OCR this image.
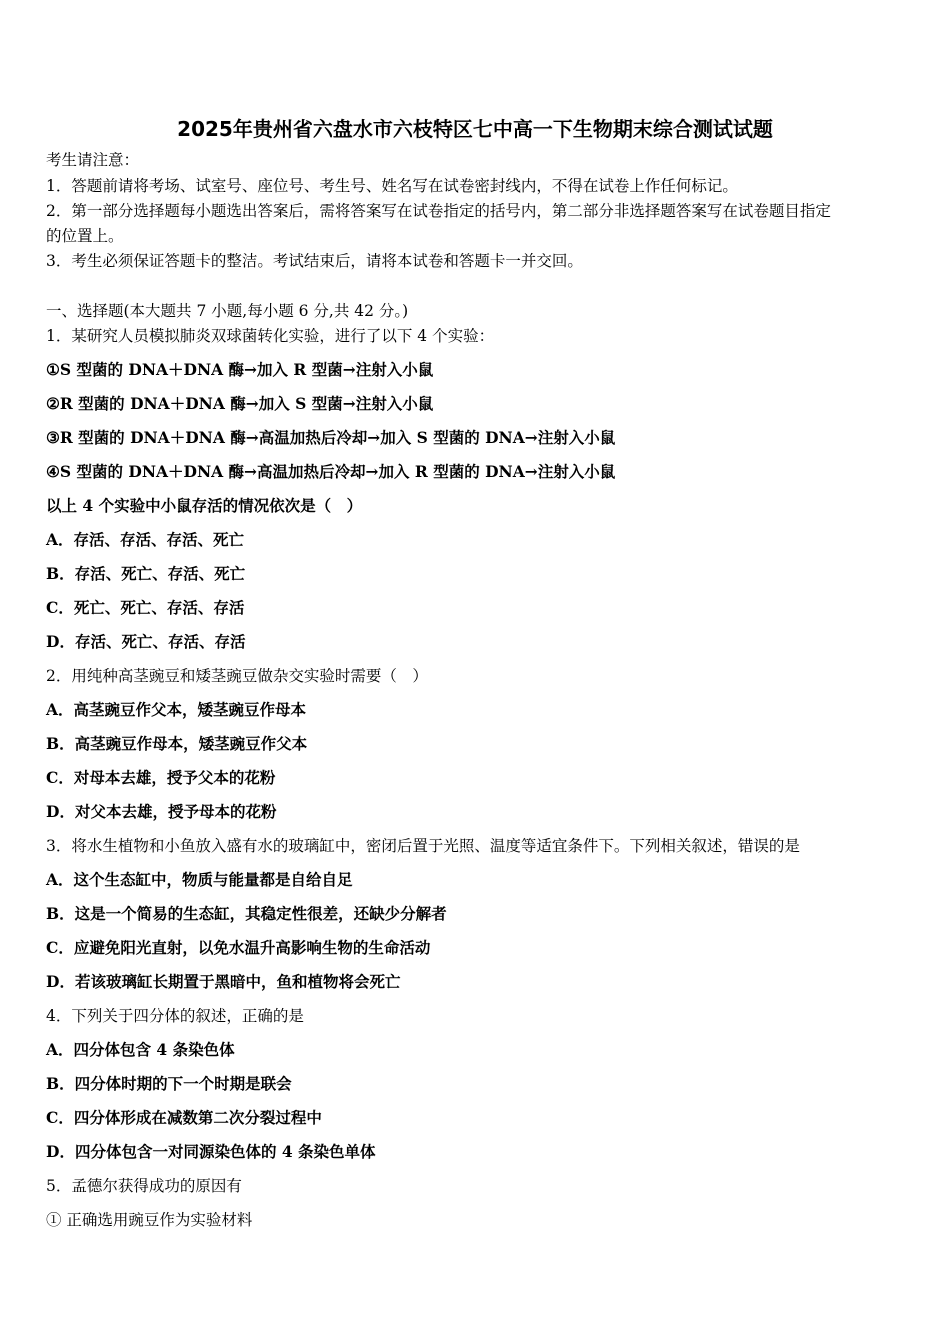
2025年贵州省六盘水市六枝特区七中高一下生物期末综合测试试题
考生请注意：
1．答题前请将考场、试室号、座位号、考生号、姓名写在试卷密封线内，不得在试卷上作任何标记。
2．第一部分选择题每小题选出答案后，需将答案写在试卷指定的括号内，第二部分非选择题答案写在试卷题目指定
的位置上。
3．考生必须保证答题卡的整洁。考试结束后，请将本试卷和答题卡一并交回。
一、选择题(本大题共 7 小题,每小题 6 分,共 42 分。)
1．某研究人员模拟肺炎双球菌转化实验，进行了以下 4 个实验：
①S 型菌的 DNA＋DNA 酶→加入 R 型菌→注射入小鼠
②R 型菌的 DNA＋DNA 酶→加入 S 型菌→注射入小鼠
③R 型菌的 DNA＋DNA 酶→高温加热后冷却→加入 S 型菌的 DNA→注射入小鼠
④S 型菌的 DNA＋DNA 酶→高温加热后冷却→加入 R 型菌的 DNA→注射入小鼠
以上 4 个实验中小鼠存活的情况依次是（　）
A．存活、存活、存活、死亡
B．存活、死亡、存活、死亡
C．死亡、死亡、存活、存活
D．存活、死亡、存活、存活
2．用纯种高茎豌豆和矮茎豌豆做杂交实验时需要（　）
A．高茎豌豆作父本，矮茎豌豆作母本
B．高茎豌豆作母本，矮茎豌豆作父本
C．对母本去雄，授予父本的花粉
D．对父本去雄，授予母本的花粉
3．将水生植物和小鱼放入盛有水的玻璃缸中，密闭后置于光照、温度等适宜条件下。下列相关叙述，错误的是
A．这个生态缸中，物质与能量都是自给自足
B．这是一个简易的生态缸，其稳定性很差，还缺少分解者
C．应避免阳光直射，以免水温升高影响生物的生命活动
D．若该玻璃缸长期置于黑暗中，鱼和植物将会死亡
4．下列关于四分体的叙述，正确的是
A．四分体包含 4 条染色体
B．四分体时期的下一个时期是联会
C．四分体形成在减数第二次分裂过程中
D．四分体包含一对同源染色体的 4 条染色单体
5．孟德尔获得成功的原因有
① 正确选用豌豆作为实验材料
